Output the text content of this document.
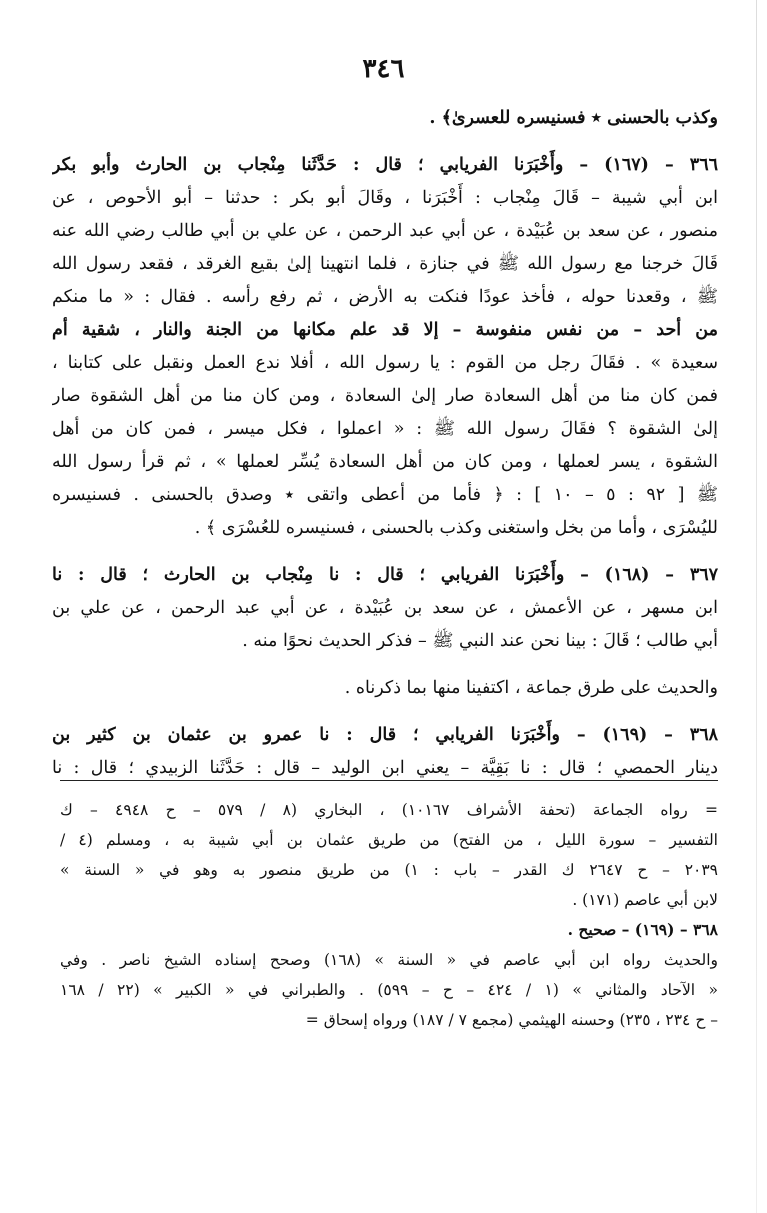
٣٤٦
وكذب بالحسنى ٭ فسنيسره للعسرىٰ﴾ .
٣٦٦ – (١٦٧) – وأَخْبَرَنا الفريابي ؛ قال : حَدَّثَنا مِنْجاب بن الحارث وأبو بكر
ابن أبي شيبة – قَالَ مِنْجاب : أَخْبَرَنا ، وقَالَ أبو بكر : حدثنا – أبو الأحوص ، عن
منصور ، عن سعد بن عُبَيْدة ، عن أبي عبد الرحمن ، عن علي بن أبي طالب رضي الله عنه
قَالَ خرجنا مع رسول الله ﷺ في جنازة ، فلما انتهينا إلىٰ بقيع الغرقد ، فقعد رسول الله
ﷺ ، وقعدنا حوله ، فأخذ عودًا فنكت به الأرض ، ثم رفع رأسه . فقال : « ما منكم
من أحد – من نفس منفوسة – إلا قد علم مكانها من الجنة والنار ، شقية أم
سعيدة » . فقَالَ رجل من القوم : يا رسول الله ، أفلا ندع العمل ونقبل على كتابنا ،
فمن كان منا من أهل السعادة صار إلىٰ السعادة ، ومن كان منا من أهل الشقوة صار
إلىٰ الشقوة ؟ فقَالَ رسول الله ﷺ : « اعملوا ، فكل ميسر ، فمن كان من أهل
الشقوة ، يسر لعملها ، ومن كان من أهل السعادة يُسِّر لعملها » ، ثم قرأ رسول الله
ﷺ [ ٩٢ : ٥ – ١٠ ] : ﴿ فأما من أعطى واتقى ٭ وصدق بالحسنى . فسنيسره
لليُسْرَى ، وأما من بخل واستغنى وكذب بالحسنى ، فسنيسره للعُسْرَى ﴾ .
٣٦٧ – (١٦٨) – وأَخْبَرَنا الفريابي ؛ قال : نا مِنْجاب بن الحارث ؛ قال : نا
ابن مسهر ، عن الأعمش ، عن سعد بن عُبَيْدة ، عن أبي عبد الرحمن ، عن علي بن
أبي طالب ؛ قَالَ : بينا نحن عند النبي ﷺ – فذكر الحديث نحوًا منه .
والحديث على طرق جماعة ، اكتفينا منها بما ذكرناه .
٣٦٨ – (١٦٩) – وأَخْبَرَنا الفريابي ؛ قال : نا عمرو بن عثمان بن كثير بن
دينار الحمصي ؛ قال : نا بَقِيَّة – يعني ابن الوليد – قال : حَدَّثَنا الزبيدي ؛ قال : نا
= رواه الجماعة (تحفة الأشراف ١٠١٦٧) ، البخاري (٨ / ٥٧٩ – ح ٤٩٤٨ – ك
التفسير – سورة الليل ، من الفتح) من طريق عثمان بن أبي شيبة به ، ومسلم (٤ /
٢٠٣٩ – ح ٢٦٤٧ ك القدر – باب : ١) من طريق منصور به وهو في « السنة »
لابن أبي عاصم (١٧١) .
٣٦٨ – (١٦٩) – صحيح .
والحديث رواه ابن أبي عاصم في « السنة » (١٦٨) وصحح إسناده الشيخ ناصر . وفي
« الآحاد والمثاني » (١ / ٤٢٤ – ح – ٥٩٩) . والطبراني في « الكبير » (٢٢ / ١٦٨
– ح ٢٣٤ ، ٢٣٥) وحسنه الهيثمي (مجمع ٧ / ١٨٧) ورواه إسحاق =
